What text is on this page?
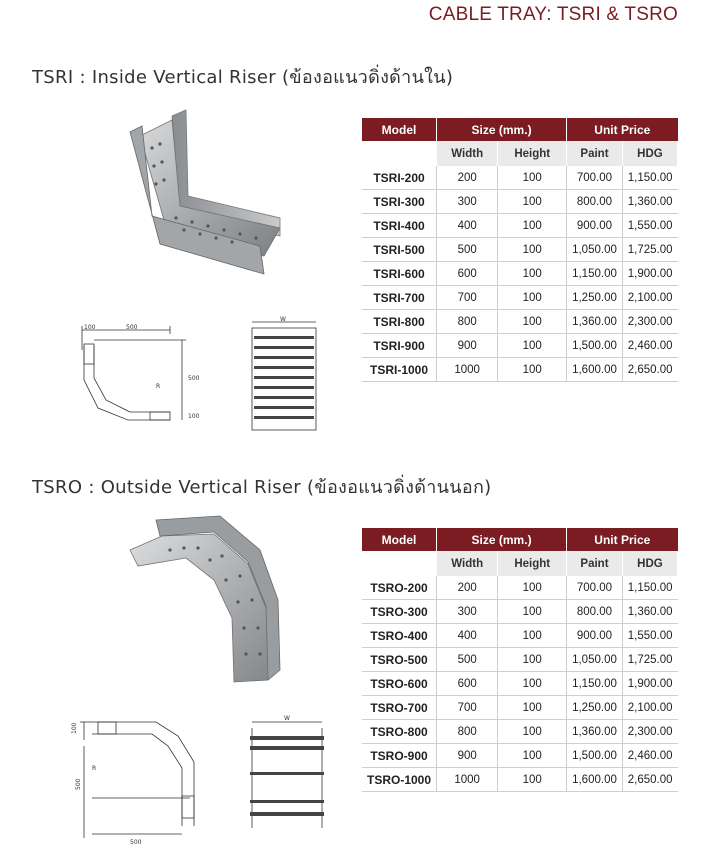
CABLE TRAY: TSRI & TSRO
TSRI : Inside Vertical Riser (ข้องอแนวดิ่งด้านใน)
100	500
500
R
100
W
Model	Size (mm.)		Unit Price	
	Width	Height	Paint	HDG
TSRI-200	200	100	700.00	1,150.00
TSRI-300	300	100	800.00	1,360.00
TSRI-400	400	100	900.00	1,550.00
TSRI-500	500	100	1,050.00	1,725.00
TSRI-600	600	100	1,150.00	1,900.00
TSRI-700	700	100	1,250.00	2,100.00
TSRI-800	800	100	1,360.00	2,300.00
TSRI-900	900	100	1,500.00	2,460.00
TSRI-1000	1000	100	1,600.00	2,650.00
TSRO : Outside Vertical Riser (ข้องอแนวดิ่งด้านนอก)
100
500
R
500
W
Model	Size (mm.)		Unit Price	
	Width	Height	Paint	HDG
TSRO-200	200	100	700.00	1,150.00
TSRO-300	300	100	800.00	1,360.00
TSRO-400	400	100	900.00	1,550.00
TSRO-500	500	100	1,050.00	1,725.00
TSRO-600	600	100	1,150.00	1,900.00
TSRO-700	700	100	1,250.00	2,100.00
TSRO-800	800	100	1,360.00	2,300.00
TSRO-900	900	100	1,500.00	2,460.00
TSRO-1000	1000	100	1,600.00	2,650.00
